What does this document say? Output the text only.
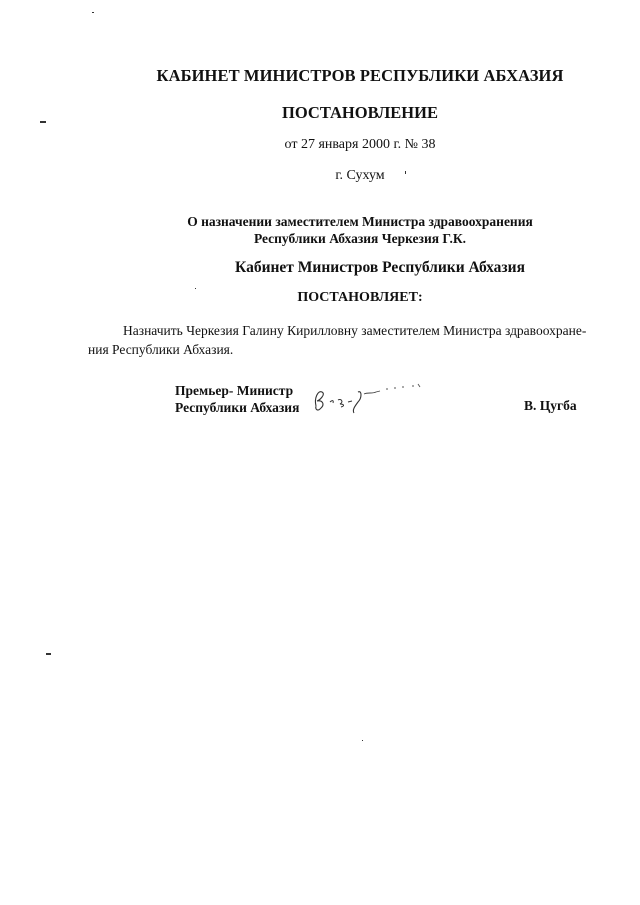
КАБИНЕТ МИНИСТРОВ РЕСПУБЛИКИ АБХАЗИЯ
ПОСТАНОВЛЕНИЕ
от 27 января 2000 г. № 38
г. Сухум
О назначении заместителем Министра здравоохранения
Республики Абхазия Черкезия Г.К.
Кабинет Министров Республики Абхазия
ПОСТАНОВЛЯЕТ:
Назначить Черкезия Галину Кирилловну заместителем Министра здравоохране-
ния Республики Абхазия.
Премьер- Министр
Республики Абхазия	В. Цугба
